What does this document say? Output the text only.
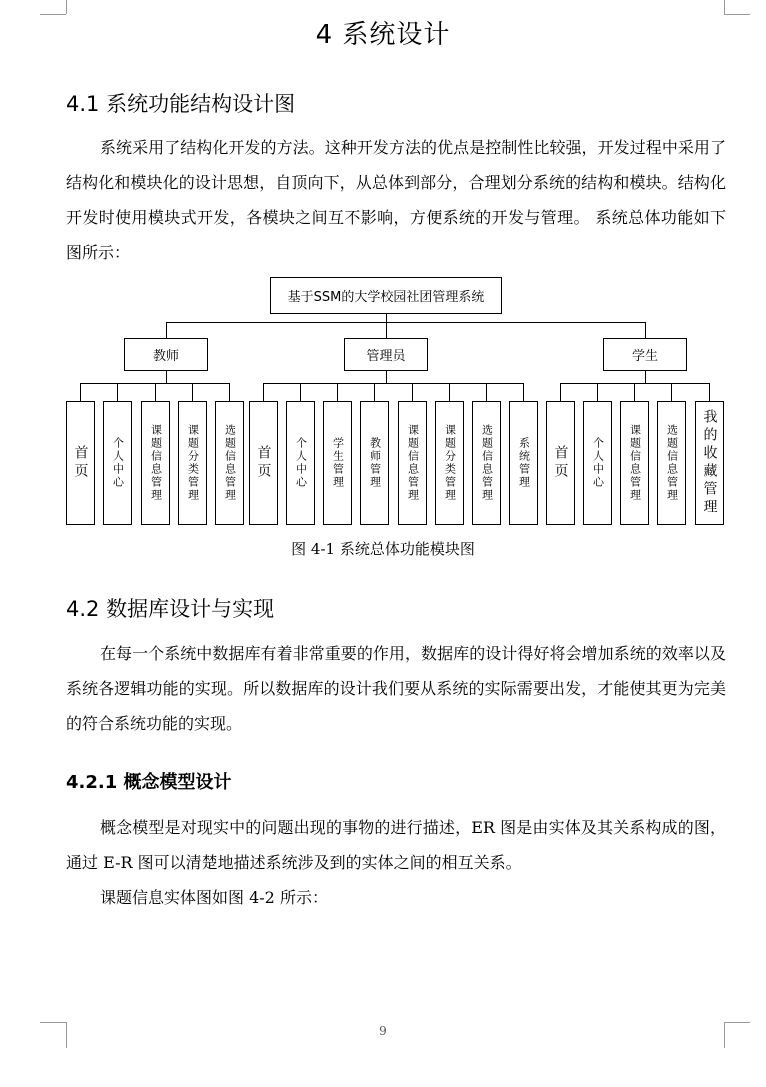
4 系统设计
4.1 系统功能结构设计图

系统采用了结构化开发的方法。这种开发方法的优点是控制性比较强，开发过程中采用了结构化和模块化的设计思想，自顶向下，从总体到部分，合理划分系统的结构和模块。结构化开发时使用模块式开发，各模块之间互不影响，方便系统的开发与管理。 系统总体功能如下图所示：

基于SSM的大学校园社团管理系统
教师	管理员	学生
首页	个人中心	课题信息管理	课题分类管理	选题信息管理	首页	个人中心	学生管理	教师管理	课题信息管理	课题分类管理	选题信息管理	系统管理	首页	个人中心	课题信息管理	选题信息管理	我的收藏管理
图 4-1 系统总体功能模块图
4.2 数据库设计与实现

在每一个系统中数据库有着非常重要的作用，数据库的设计得好将会增加系统的效率以及系统各逻辑功能的实现。所以数据库的设计我们要从系统的实际需要出发，才能使其更为完美的符合系统功能的实现。

4.2.1 概念模型设计

概念模型是对现实中的问题出现的事物的进行描述，ER 图是由实体及其关系构成的图，通过 E-R 图可以清楚地描述系统涉及到的实体之间的相互关系。

课题信息实体图如图 4-2 所示：

9
